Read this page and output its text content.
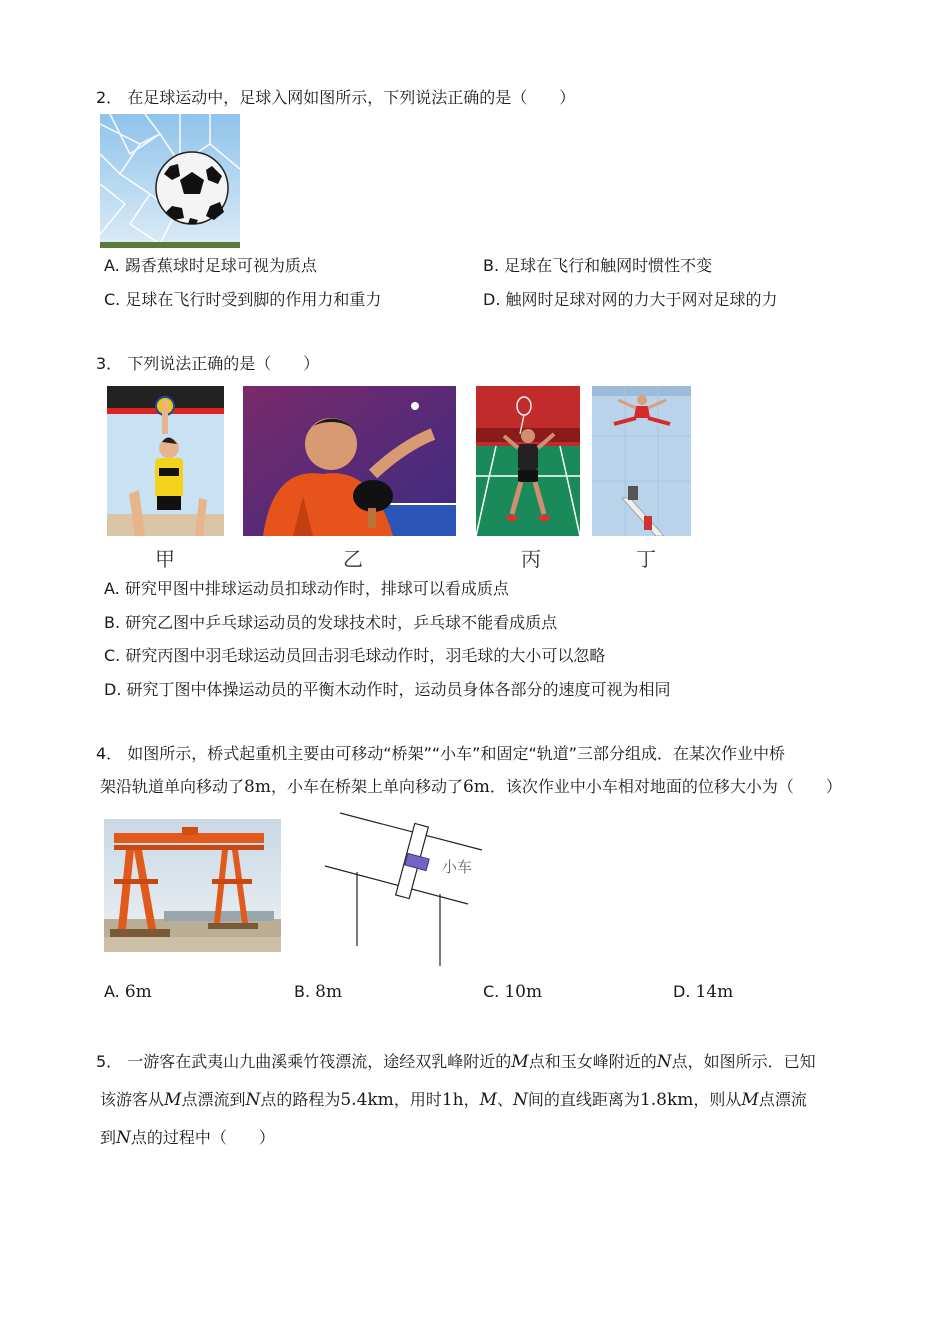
2． 在足球运动中，足球入网如图所示，下列说法正确的是（　　）
A. 踢香蕉球时足球可视为质点	B. 足球在飞行和触网时惯性不变
C. 足球在飞行时受到脚的作用力和重力	D. 触网时足球对网的力大于网对足球的力
3． 下列说法正确的是（　　）
甲	乙	丙	丁
A. 研究甲图中排球运动员扣球动作时，排球可以看成质点
B. 研究乙图中乒乓球运动员的发球技术时，乒乓球不能看成质点
C. 研究丙图中羽毛球运动员回击羽毛球动作时，羽毛球的大小可以忽略
D. 研究丁图中体操运动员的平衡木动作时，运动员身体各部分的速度可视为相同
4． 如图所示，桥式起重机主要由可移动“桥架”“小车”和固定“轨道”三部分组成．在某次作业中桥
架沿轨道单向移动了8m，小车在桥架上单向移动了6m．该次作业中小车相对地面的位移大小为（　　）
小车
A. 6m	B. 8m	C. 10m	D. 14m
5． 一游客在武夷山九曲溪乘竹筏漂流，途经双乳峰附近的M点和玉女峰附近的N点，如图所示．已知
该游客从M点漂流到N点的路程为5.4km，用时1h，M、N间的直线距离为1.8km，则从M点漂流
到N点的过程中（　　）
